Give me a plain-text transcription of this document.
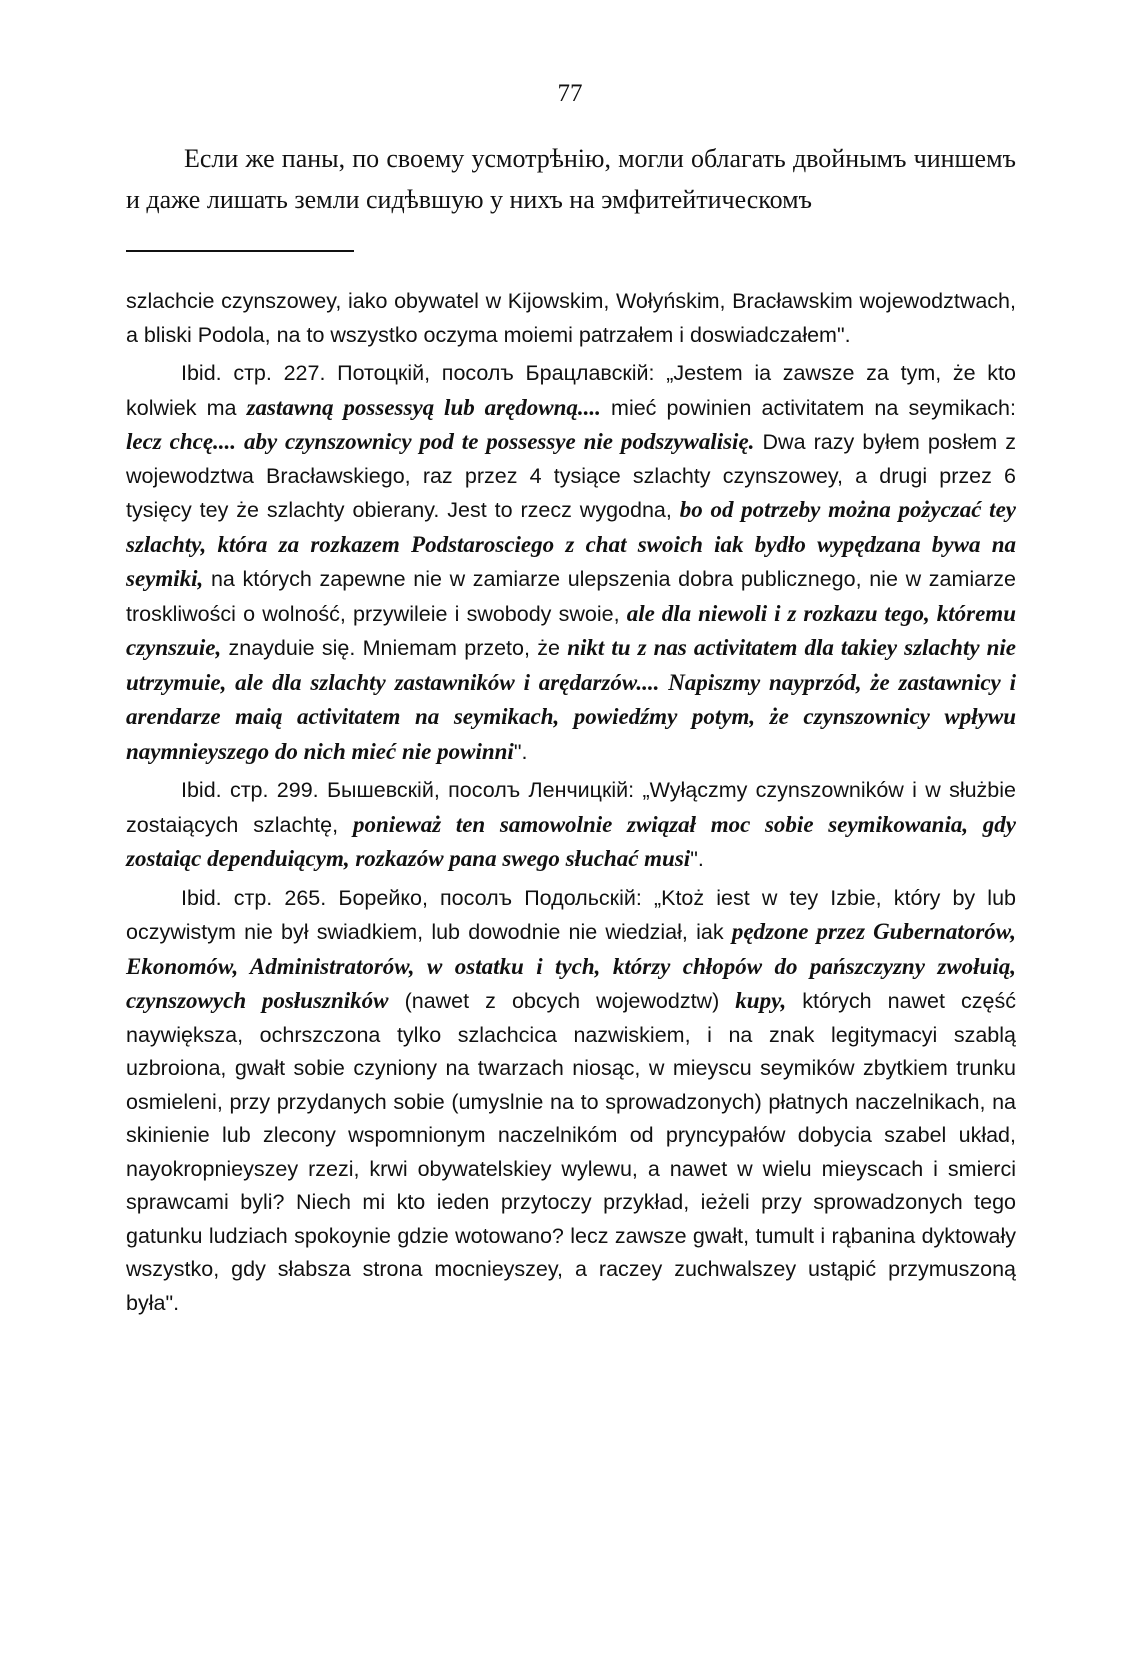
77

Если же паны, по своему усмотрѣнію, могли облагать двойнымъ чиншемъ и даже лишать земли сидѣвшую у нихъ на эмфитейтическомъ

szlachcie czynszowey, iako obywatel w Kijowskim, Wołyńskim, Bracławskim wojewodztwach, a bliski Podola, na to wszystko oczyma moiemi patrzałem i doswiadczałem".

Ibid. стр. 227. Потоцкій, посолъ Брацлавскій: „Jestem ia zawsze za tym, że kto kolwiek ma zastawną possessyą lub arędowną.... mieć powinien activitatem na seymikach: lecz chcę.... aby czynszownicy pod te possessye nie podszywalisię. Dwa razy byłem posłem z wojewodztwa Bracławskiego, raz przez 4 tysiące szlachty czynszowey, a drugi przez 6 tysięcy tey że szlachty obierany. Jest to rzecz wygodna, bo od potrzeby można pożyczać tey szlachty, która za rozkazem Podstarosciego z chat swoich iak bydło wypędzana bywa na seymiki, na których zapewne nie w zamiarze ulepszenia dobra publicznego, nie w zamiarze troskliwości o wolność, przywileie i swobody swoie, ale dla niewoli i z rozkazu tego, któremu czynszuie, znayduie się. Mniemam przeto, że nikt tu z nas activitatem dla takiey szlachty nie utrzymuie, ale dla szlachty zastawników i arędarzów.... Napiszmy nayprzód, że zastawnicy i arendarze maią activitatem na seymikach, powiedźmy potym, że czynszownicy wpływu naymnieyszego do nich mieć nie powinni".

Ibid. стр. 299. Бышевскій, посолъ Ленчицкій: „Wyłączmy czynszowników i w służbie zostaiących szlachtę, ponieważ ten samowolnie związał moc sobie seymikowania, gdy zostaiąc dependuiącym, rozkazów pana swego słuchać musi".

Ibid. стр. 265. Борейко, посолъ Подольскій: „Ktoż iest w tey Izbie, który by lub oczywistym nie był swiadkiem, lub dowodnie nie wiedział, iak pędzone przez Gubernatorów, Ekonomów, Administratorów, w ostatku i tych, którzy chłopów do pańszczyzny zwołuią, czynszowych posłuszników (nawet z obcych wojewodztw) kupy, których nawet część naywiększa, ochrszczona tylko szlachcica nazwiskiem, i na znak legitymacyi szablą uzbroiona, gwałt sobie czyniony na twarzach niosąc, w mieyscu seymików zbytkiem trunku osmieleni, przy przydanych sobie (umyslnie na to sprowadzonych) płatnych naczelnikach, na skinienie lub zlecony wspomnionym naczelnikóm od pryncypałów dobycia szabel układ, nayokropnieyszey rzezi, krwi obywatelskiey wylewu, a nawet w wielu mieyscach i smierci sprawcami byli? Niech mi kto ieden przytoczy przykład, ieżeli przy sprowadzonych tego gatunku ludziach spokoynie gdzie wotowano? lecz zawsze gwałt, tumult i rąbanina dyktowały wszystko, gdy słabsza strona mocnieyszey, a raczey zuchwalszey ustąpić przymuszoną była".
